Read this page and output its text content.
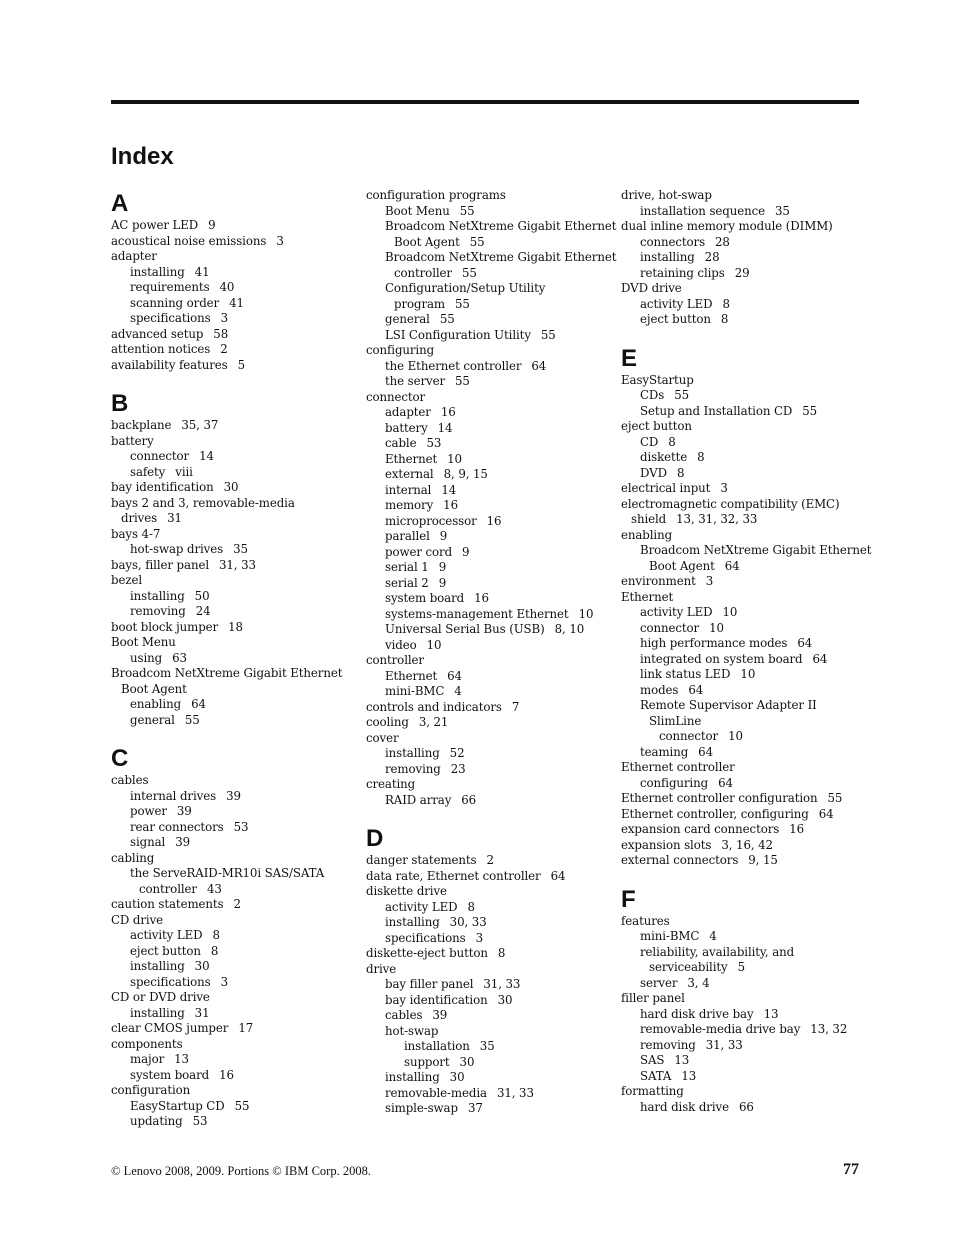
Index
A
AC power LED 9
acoustical noise emissions 3
adapter
installing 41
requirements 40
scanning order 41
specifications 3
advanced setup 58
attention notices 2
availability features 5
B
backplane 35, 37
battery
connector 14
safety viii
bay identification 30
bays 2 and 3, removable-media
drives 31
bays 4-7
hot-swap drives 35
bays, filler panel 31, 33
bezel
installing 50
removing 24
boot block jumper 18
Boot Menu
using 63
Broadcom NetXtreme Gigabit Ethernet
Boot Agent
enabling 64
general 55
C
cables
internal drives 39
power 39
rear connectors 53
signal 39
cabling
the ServeRAID-MR10i SAS/SATA
controller 43
caution statements 2
CD drive
activity LED 8
eject button 8
installing 30
specifications 3
CD or DVD drive
installing 31
clear CMOS jumper 17
components
major 13
system board 16
configuration
EasyStartup CD 55
updating 53
configuration programs
Boot Menu 55
Broadcom NetXtreme Gigabit Ethernet
Boot Agent 55
Broadcom NetXtreme Gigabit Ethernet
controller 55
Configuration/Setup Utility
program 55
general 55
LSI Configuration Utility 55
configuring
the Ethernet controller 64
the server 55
connector
adapter 16
battery 14
cable 53
Ethernet 10
external 8, 9, 15
internal 14
memory 16
microprocessor 16
parallel 9
power cord 9
serial 1 9
serial 2 9
system board 16
systems-management Ethernet 10
Universal Serial Bus (USB) 8, 10
video 10
controller
Ethernet 64
mini-BMC 4
controls and indicators 7
cooling 3, 21
cover
installing 52
removing 23
creating
RAID array 66
D
danger statements 2
data rate, Ethernet controller 64
diskette drive
activity LED 8
installing 30, 33
specifications 3
diskette-eject button 8
drive
bay filler panel 31, 33
bay identification 30
cables 39
hot-swap
installation 35
support 30
installing 30
removable-media 31, 33
simple-swap 37
drive, hot-swap
installation sequence 35
dual inline memory module (DIMM)
connectors 28
installing 28
retaining clips 29
DVD drive
activity LED 8
eject button 8
E
EasyStartup
CDs 55
Setup and Installation CD 55
eject button
CD 8
diskette 8
DVD 8
electrical input 3
electromagnetic compatibility (EMC)
shield 13, 31, 32, 33
enabling
Broadcom NetXtreme Gigabit Ethernet
Boot Agent 64
environment 3
Ethernet
activity LED 10
connector 10
high performance modes 64
integrated on system board 64
link status LED 10
modes 64
Remote Supervisor Adapter II
SlimLine
connector 10
teaming 64
Ethernet controller
configuring 64
Ethernet controller configuration 55
Ethernet controller, configuring 64
expansion card connectors 16
expansion slots 3, 16, 42
external connectors 9, 15
F
features
mini-BMC 4
reliability, availability, and
serviceability 5
server 3, 4
filler panel
hard disk drive bay 13
removable-media drive bay 13, 32
removing 31, 33
SAS 13
SATA 13
formatting
hard disk drive 66
© Lenovo 2008, 2009. Portions © IBM Corp. 2008.	77
